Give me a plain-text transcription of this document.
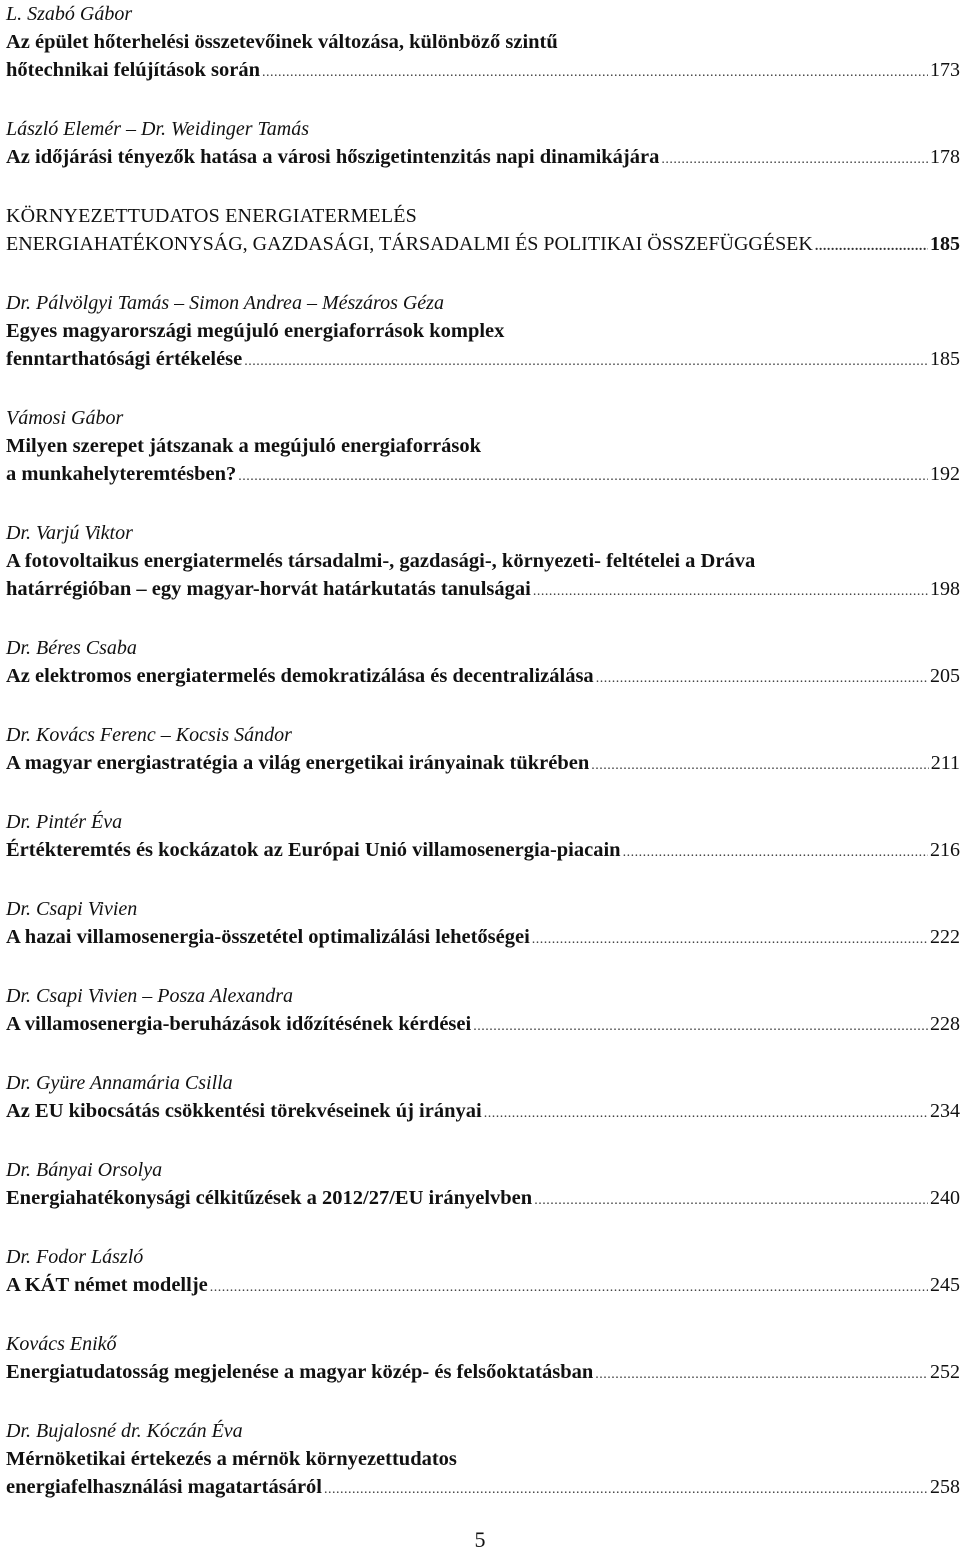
L. Szabó Gábor
Az épület hőterhelési összetevőinek változása, különböző szintű
hőtechnikai felújítások során .....	173
László Elemér – Dr. Weidinger Tamás
Az időjárási tényezők hatása a városi hőszigetintenzitás napi dinamikájára .....	178
KÖRNYEZETTUDATOS ENERGIATERMELÉS
ENERGIAHATÉKONYSÁG, GAZDASÁGI, TÁRSADALMI ÉS POLITIKAI ÖSSZEFÜGGÉSEK .....	185
Dr. Pálvölgyi Tamás – Simon Andrea – Mészáros Géza
Egyes magyarországi megújuló energiaforrások komplex
fenntarthatósági értékelése .....	185
Vámosi Gábor
Milyen szerepet játszanak a megújuló energiaforrások
a munkahelyteremtésben? .....	192
Dr. Varjú Viktor
A fotovoltaikus energiatermelés társadalmi-, gazdasági-, környezeti- feltételei a Dráva
határrégióban – egy magyar-horvát határkutatás tanulságai .....	198
Dr. Béres Csaba
Az elektromos energiatermelés demokratizálása és decentralizálása .....	205
Dr. Kovács Ferenc – Kocsis Sándor
A magyar energiastratégia a világ energetikai irányainak tükrében .....	211
Dr. Pintér Éva
Értékteremtés és kockázatok az Európai Unió villamosenergia-piacain .....	216
Dr. Csapi Vivien
A hazai villamosenergia-összetétel optimalizálási lehetőségei .....	222
Dr. Csapi Vivien – Posza Alexandra
A villamosenergia-beruházások időzítésének kérdései .....	228
Dr. Gyüre Annamária Csilla
Az EU kibocsátás csökkentési törekvéseinek új irányai .....	234
Dr. Bányai Orsolya
Energiahatékonysági célkitűzések a 2012/27/EU irányelvben .....	240
Dr. Fodor László
A KÁT német modellje .....	245
Kovács Enikő
Energiatudatosság megjelenése a magyar közép- és felsőoktatásban .....	252
Dr. Bujalosné dr. Kóczán Éva
Mérnöketikai értekezés a mérnök környezettudatos
energiafelhasználási magatartásáról .....	258
5
